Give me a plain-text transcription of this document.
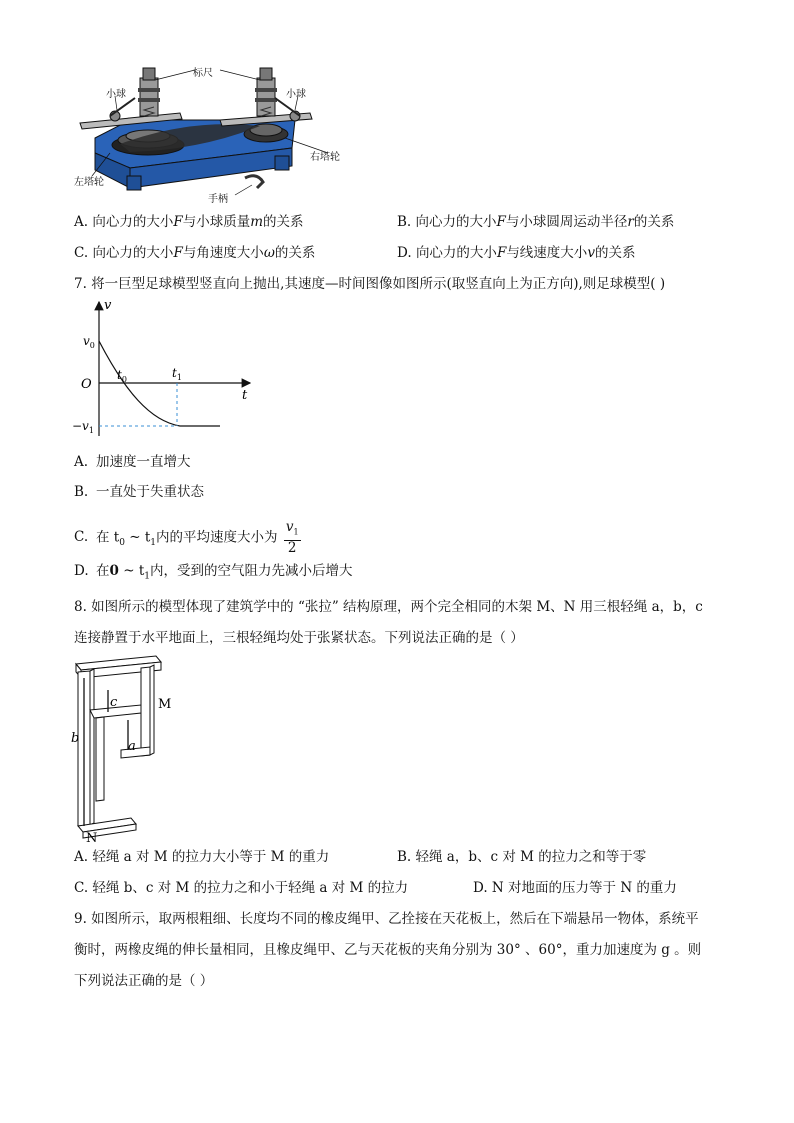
标尺
小球	小球
右塔轮
左塔轮
手柄
A. 向心力的大小F与小球质量m的关系	B. 向心力的大小F与小球圆周运动半径r的关系
C. 向心力的大小F与角速度大小ω的关系	D. 向心力的大小F与线速度大小v的关系
7. 将一巨型足球模型竖直向上抛出,其速度—时间图像如图所示(取竖直向上为正方向),则足球模型( )
v
t
O
$v_0$
$t_0$	$t_1$
$-v_1$
A. 加速度一直增大
B. 一直处于失重状态
C. 在 $t_0$ ~ $t_1$内的平均速度大小为 $\frac{v_1}{2}$
D. 在0 ~ $t_1$内，受到的空气阻力先减小后增大
8. 如图所示的模型体现了建筑学中的 “张拉” 结构原理，两个完全相同的木架 M、N 用三根轻绳 a，b，c
连接静置于水平地面上，三根轻绳均处于张紧状态。下列说法正确的是（ ）
a
b
c	M
N
A. 轻绳 a 对 M 的拉力大小等于 M 的重力	B. 轻绳 a，b、c 对 M 的拉力之和等于零
C. 轻绳 b、c 对 M 的拉力之和小于轻绳 a 对 M 的拉力	D. N 对地面的压力等于 N 的重力
9. 如图所示，取两根粗细、长度均不同的橡皮绳甲、乙拴接在天花板上，然后在下端悬吊一物体，系统平
衡时，两橡皮绳的伸长量相同，且橡皮绳甲、乙与天花板的夹角分别为 30° 、60°，重力加速度为 g 。则
下列说法正确的是（ ）
